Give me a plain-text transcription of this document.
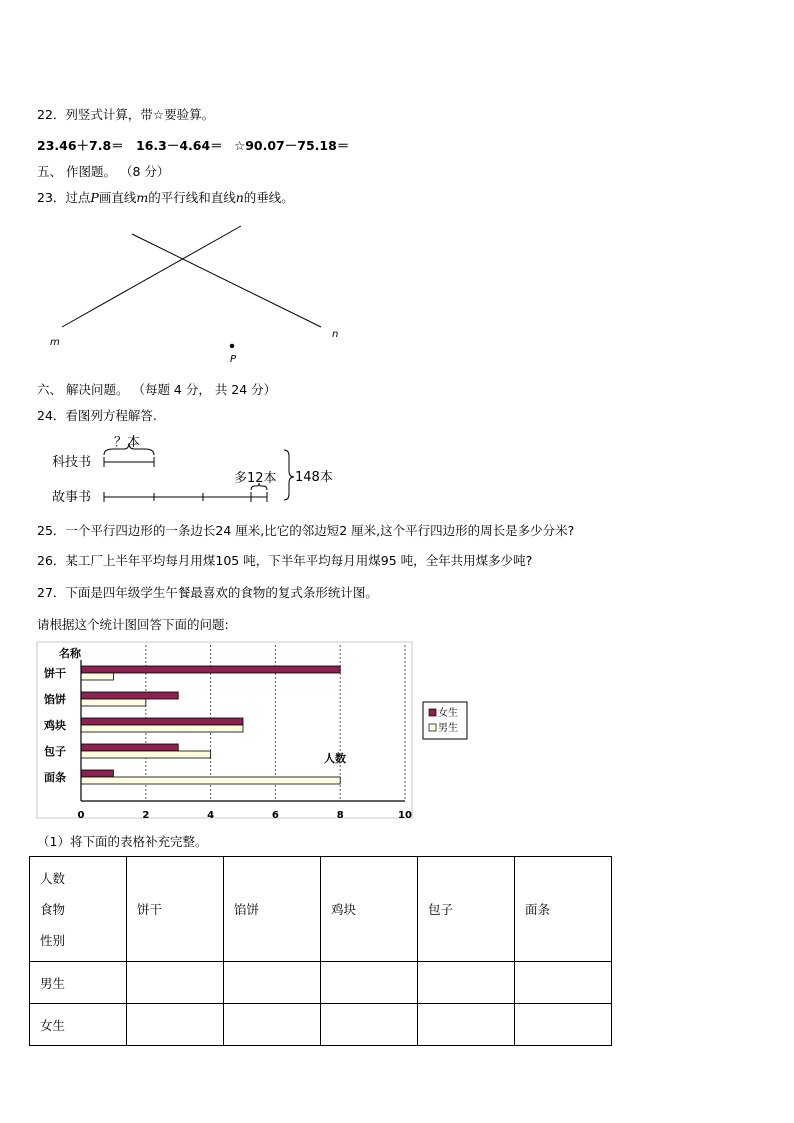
22．列竖式计算，带☆要验算。
23.46＋7.8＝ 16.3－4.64＝ ☆90.07－75.18＝
五、 作图题。 （8 分）
23．过点P画直线m的平行线和直线n的垂线。
m
n
P
六、 解决问题。 （每题 4 分， 共 24 分）
24．看图列方程解答.
科技书
故事书
？本
多12本 148本
25．一个平行四边形的一条边长24 厘米,比它的邻边短2 厘米,这个平行四边形的周长是多少分米?
26．某工厂上半年平均每月用煤105 吨，下半年平均每月用煤95 吨，全年共用煤多少吨?
27．下面是四年级学生午餐最喜欢的食物的复式条形统计图。
请根据这个统计图回答下面的问题:
名称
人数
饼干
馅饼
鸡块
包子
面条
0	2	4	6	8	10
女生
男生
（1）将下面的表格补充完整。
人数
食物
性别	饼干	馅饼	鸡块	包子	面条
男生					
女生					
